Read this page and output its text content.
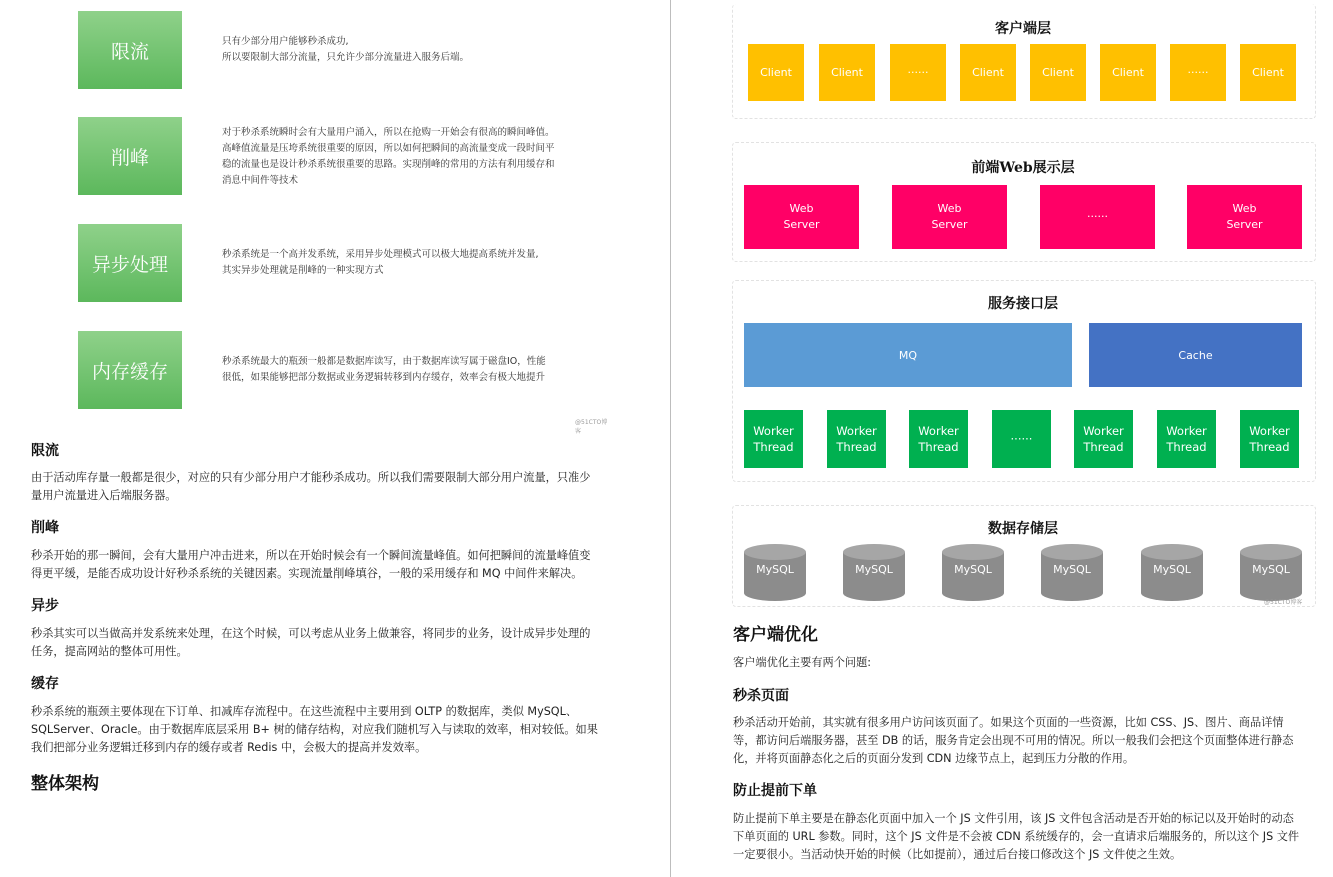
限流	只有少部分用户能够秒杀成功,
所以要限制大部分流量，只允许少部分流量进入服务后端。
削峰
对于秒杀系统瞬时会有大量用户涌入，所以在抢购一开始会有很高的瞬间峰值。
高峰值流量是压垮系统很重要的原因，所以如何把瞬间的高流量变成一段时间平
稳的流量也是设计秒杀系统很重要的思路。实现削峰的常用的方法有利用缓存和
消息中间件等技术
异步处理	秒杀系统是一个高并发系统，采用异步处理模式可以极大地提高系统并发量,
其实异步处理就是削峰的一种实现方式
内存缓存	秒杀系统最大的瓶颈一般都是数据库读写，由于数据库读写属于磁盘IO，性能
很低，如果能够把部分数据或业务逻辑转移到内存缓存，效率会有极大地提升
@51CTO博客
限流
由于活动库存量一般都是很少，对应的只有少部分用户才能秒杀成功。所以我们需要限制大部分用户流量，只准少
量用户流量进入后端服务器。
削峰
秒杀开始的那一瞬间，会有大量用户冲击进来，所以在开始时候会有一个瞬间流量峰值。如何把瞬间的流量峰值变
得更平缓，是能否成功设计好秒杀系统的关键因素。实现流量削峰填谷，一般的采用缓存和 MQ 中间件来解决。
异步
秒杀其实可以当做高并发系统来处理，在这个时候，可以考虑从业务上做兼容，将同步的业务，设计成异步处理的
任务，提高网站的整体可用性。
缓存
秒杀系统的瓶颈主要体现在下订单、扣减库存流程中。在这些流程中主要用到 OLTP 的数据库，类似 MySQL、
SQLServer、Oracle。由于数据库底层采用 B+ 树的储存结构，对应我们随机写入与读取的效率，相对较低。如果
我们把部分业务逻辑迁移到内存的缓存或者 Redis 中，会极大的提高并发效率。
整体架构
客户端层
Client	Client	······	Client	Client	Client	······	Client
前端Web展示层
Web
Server
Web
Server
······
Web
Server
服务接口层
MQ	Cache
Worker
Thread
Worker
Thread
Worker
Thread
······
Worker
Thread
Worker
Thread
Worker
Thread
数据存储层
MySQL	MySQL	MySQL	MySQL	MySQL	MySQL
@51CTO博客
客户端优化
客户端优化主要有两个问题:
秒杀页面
秒杀活动开始前，其实就有很多用户访问该页面了。如果这个页面的一些资源，比如 CSS、JS、图片、商品详情
等，都访问后端服务器，甚至 DB 的话，服务肯定会出现不可用的情况。所以一般我们会把这个页面整体进行静态
化，并将页面静态化之后的页面分发到 CDN 边缘节点上，起到压力分散的作用。
防止提前下单
防止提前下单主要是在静态化页面中加入一个 JS 文件引用，该 JS 文件包含活动是否开始的标记以及开始时的动态
下单页面的 URL 参数。同时，这个 JS 文件是不会被 CDN 系统缓存的，会一直请求后端服务的，所以这个 JS 文件
一定要很小。当活动快开始的时候（比如提前），通过后台接口修改这个 JS 文件使之生效。
